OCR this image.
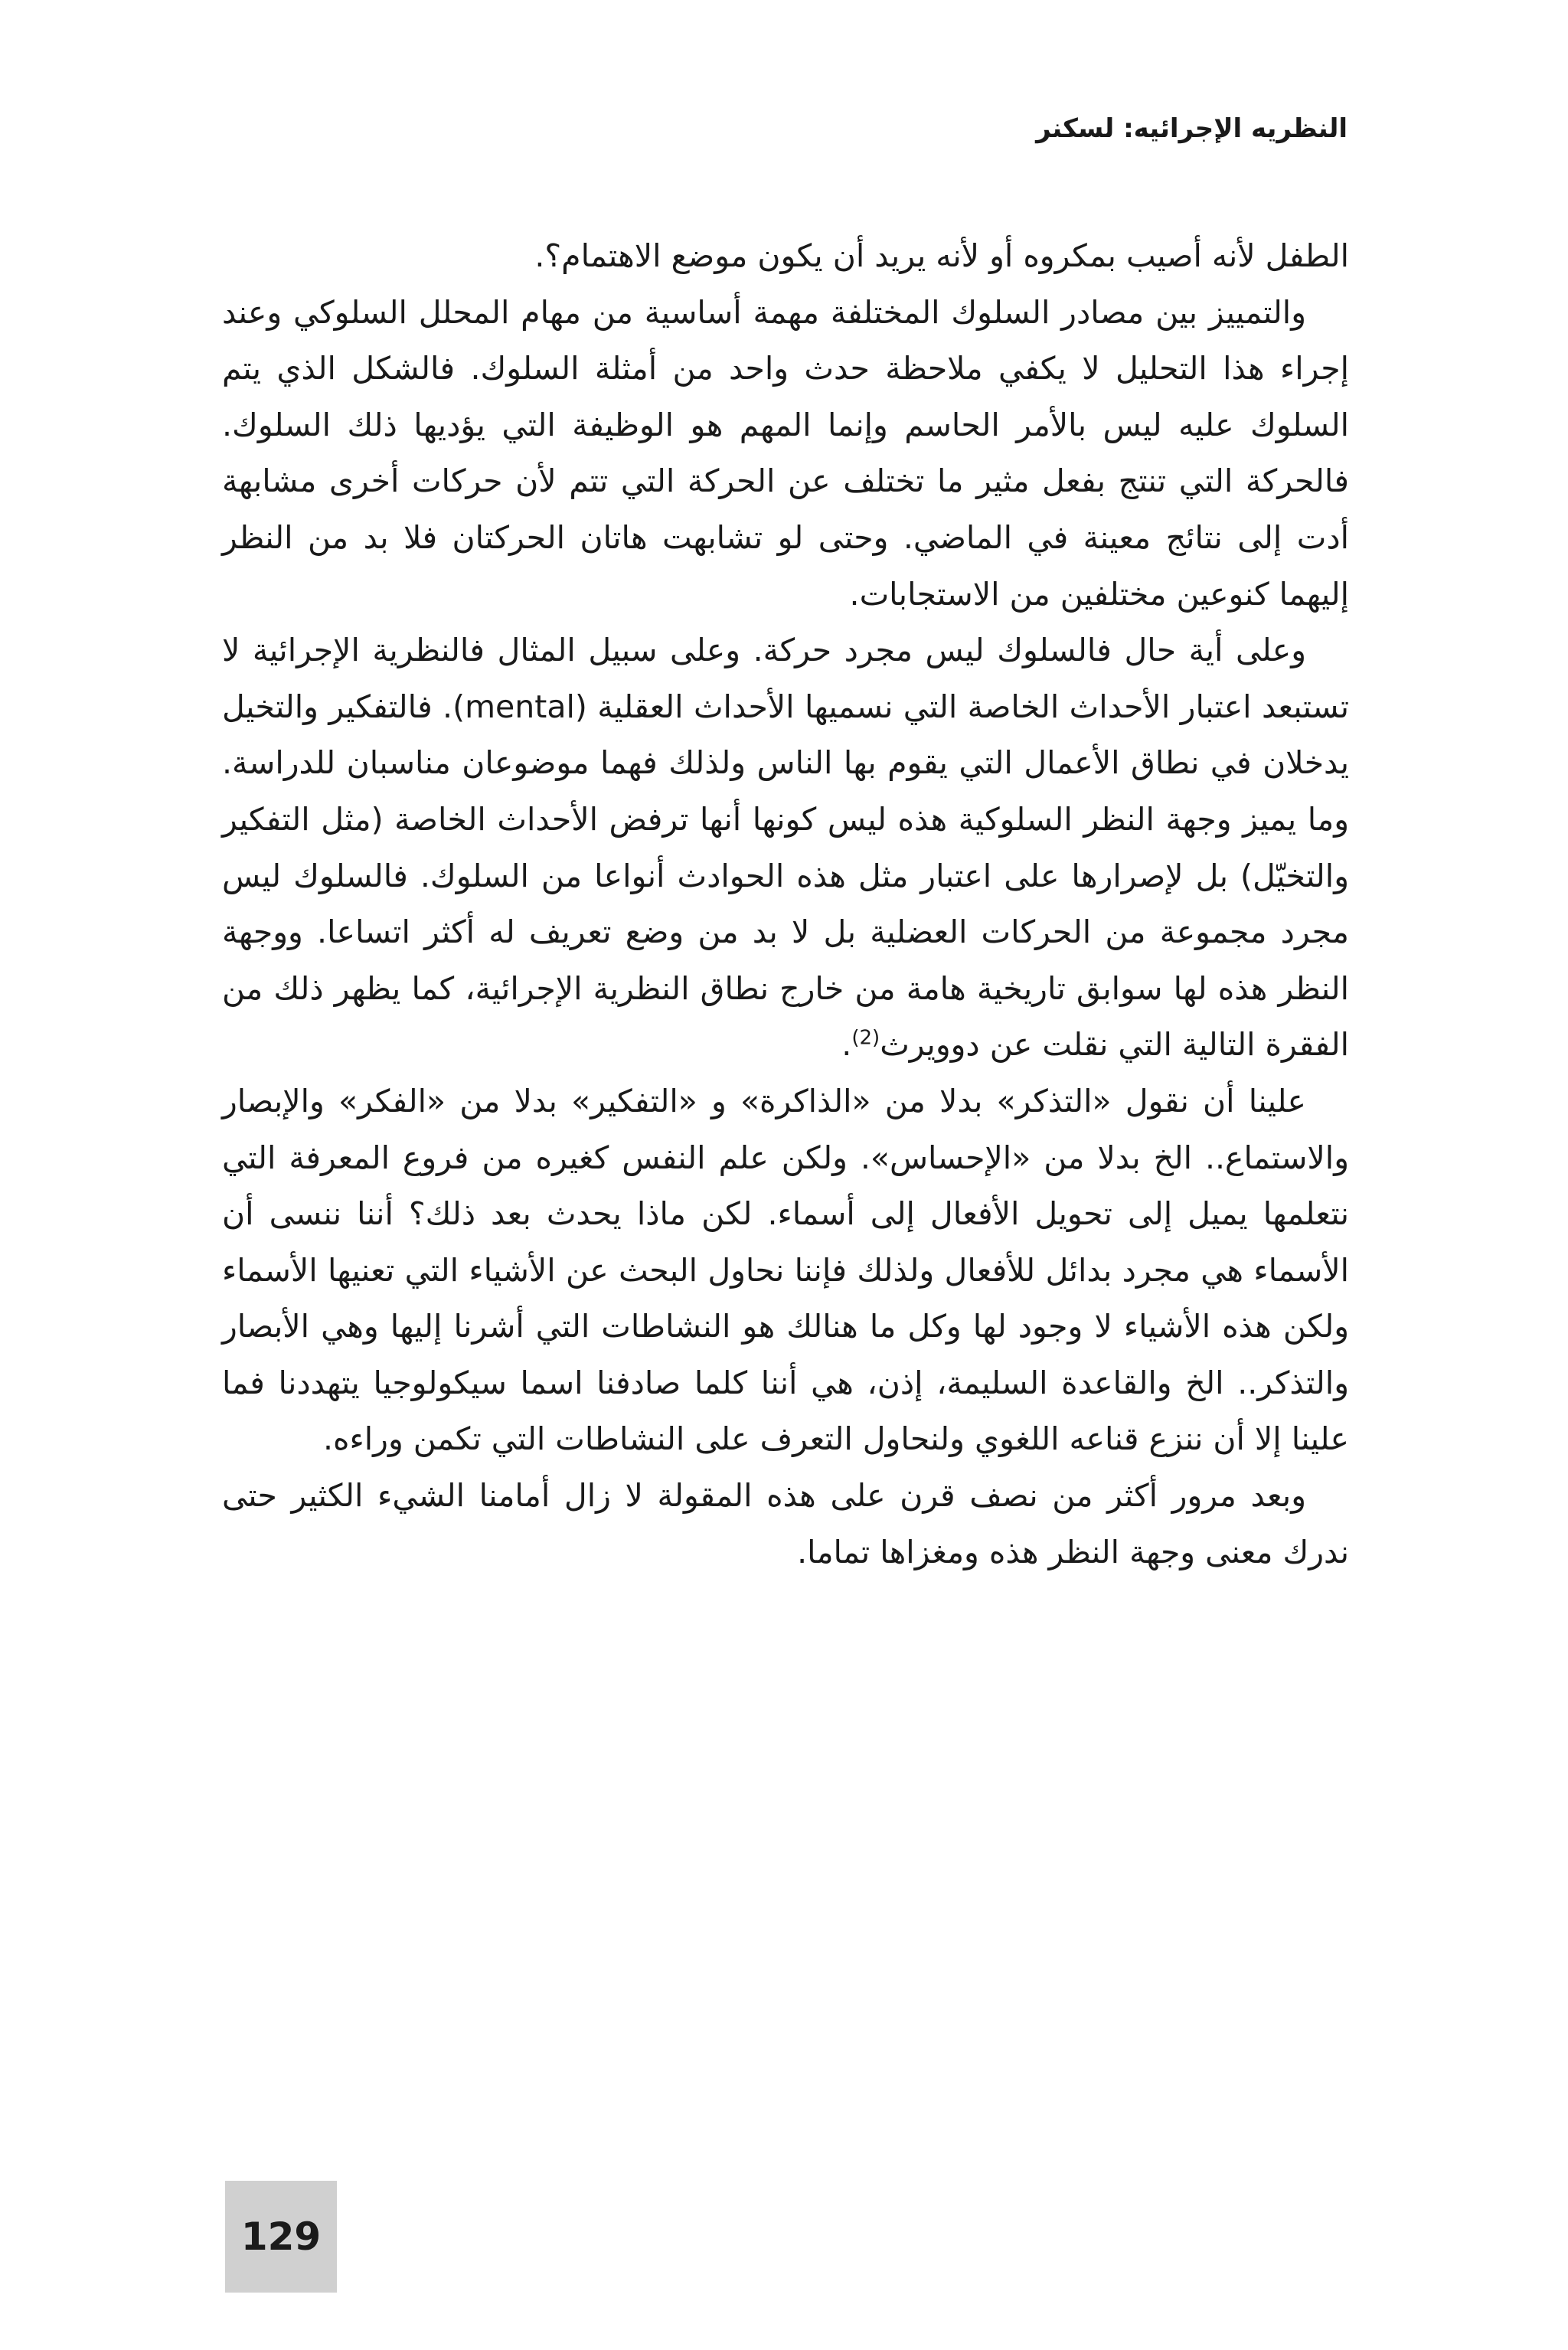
النظريه الإجرائيه: لسكنر

الطفل لأنه أصيب بمكروه أو لأنه يريد أن يكون موضع الاهتمام؟.

والتمييز بين مصادر السلوك المختلفة مهمة أساسية من مهام المحلل السلوكي وعند إجراء هذا التحليل لا يكفي ملاحظة حدث واحد من أمثلة السلوك. فالشكل الذي يتم السلوك عليه ليس بالأمر الحاسم وإنما المهم هو الوظيفة التي يؤديها ذلك السلوك. فالحركة التي تنتج بفعل مثير ما تختلف عن الحركة التي تتم لأن حركات أخرى مشابهة أدت إلى نتائج معينة في الماضي. وحتى لو تشابهت هاتان الحركتان فلا بد من النظر إليهما كنوعين مختلفين من الاستجابات.

وعلى أية حال فالسلوك ليس مجرد حركة. وعلى سبيل المثال فالنظرية الإجرائية لا تستبعد اعتبار الأحداث الخاصة التي نسميها الأحداث العقلية (mental). فالتفكير والتخيل يدخلان في نطاق الأعمال التي يقوم بها الناس ولذلك فهما موضوعان مناسبان للدراسة. وما يميز وجهة النظر السلوكية هذه ليس كونها أنها ترفض الأحداث الخاصة (مثل التفكير والتخيّل) بل لإصرارها على اعتبار مثل هذه الحوادث أنواعا من السلوك. فالسلوك ليس مجرد مجموعة من الحركات العضلية بل لا بد من وضع تعريف له أكثر اتساعا. ووجهة النظر هذه لها سوابق تاريخية هامة من خارج نطاق النظرية الإجرائية، كما يظهر ذلك من الفقرة التالية التي نقلت عن دوويرث$^{(2)}$.

علينا أن نقول «التذكر» بدلا من «الذاكرة» و «التفكير» بدلا من «الفكر» والإبصار والاستماع.. الخ بدلا من «الإحساس». ولكن علم النفس كغيره من فروع المعرفة التي نتعلمها يميل إلى تحويل الأفعال إلى أسماء. لكن ماذا يحدث بعد ذلك؟ أننا ننسى أن الأسماء هي مجرد بدائل للأفعال ولذلك فإننا نحاول البحث عن الأشياء التي تعنيها الأسماء ولكن هذه الأشياء لا وجود لها وكل ما هنالك هو النشاطات التي أشرنا إليها وهي الأبصار والتذكر.. الخ والقاعدة السليمة، إذن، هي أننا كلما صادفنا اسما سيكولوجيا يتهددنا فما علينا إلا أن ننزع قناعه اللغوي ولنحاول التعرف على النشاطات التي تكمن وراءه.

وبعد مرور أكثر من نصف قرن على هذه المقولة لا زال أمامنا الشيء الكثير حتى ندرك معنى وجهة النظر هذه ومغزاها تماما.

129
